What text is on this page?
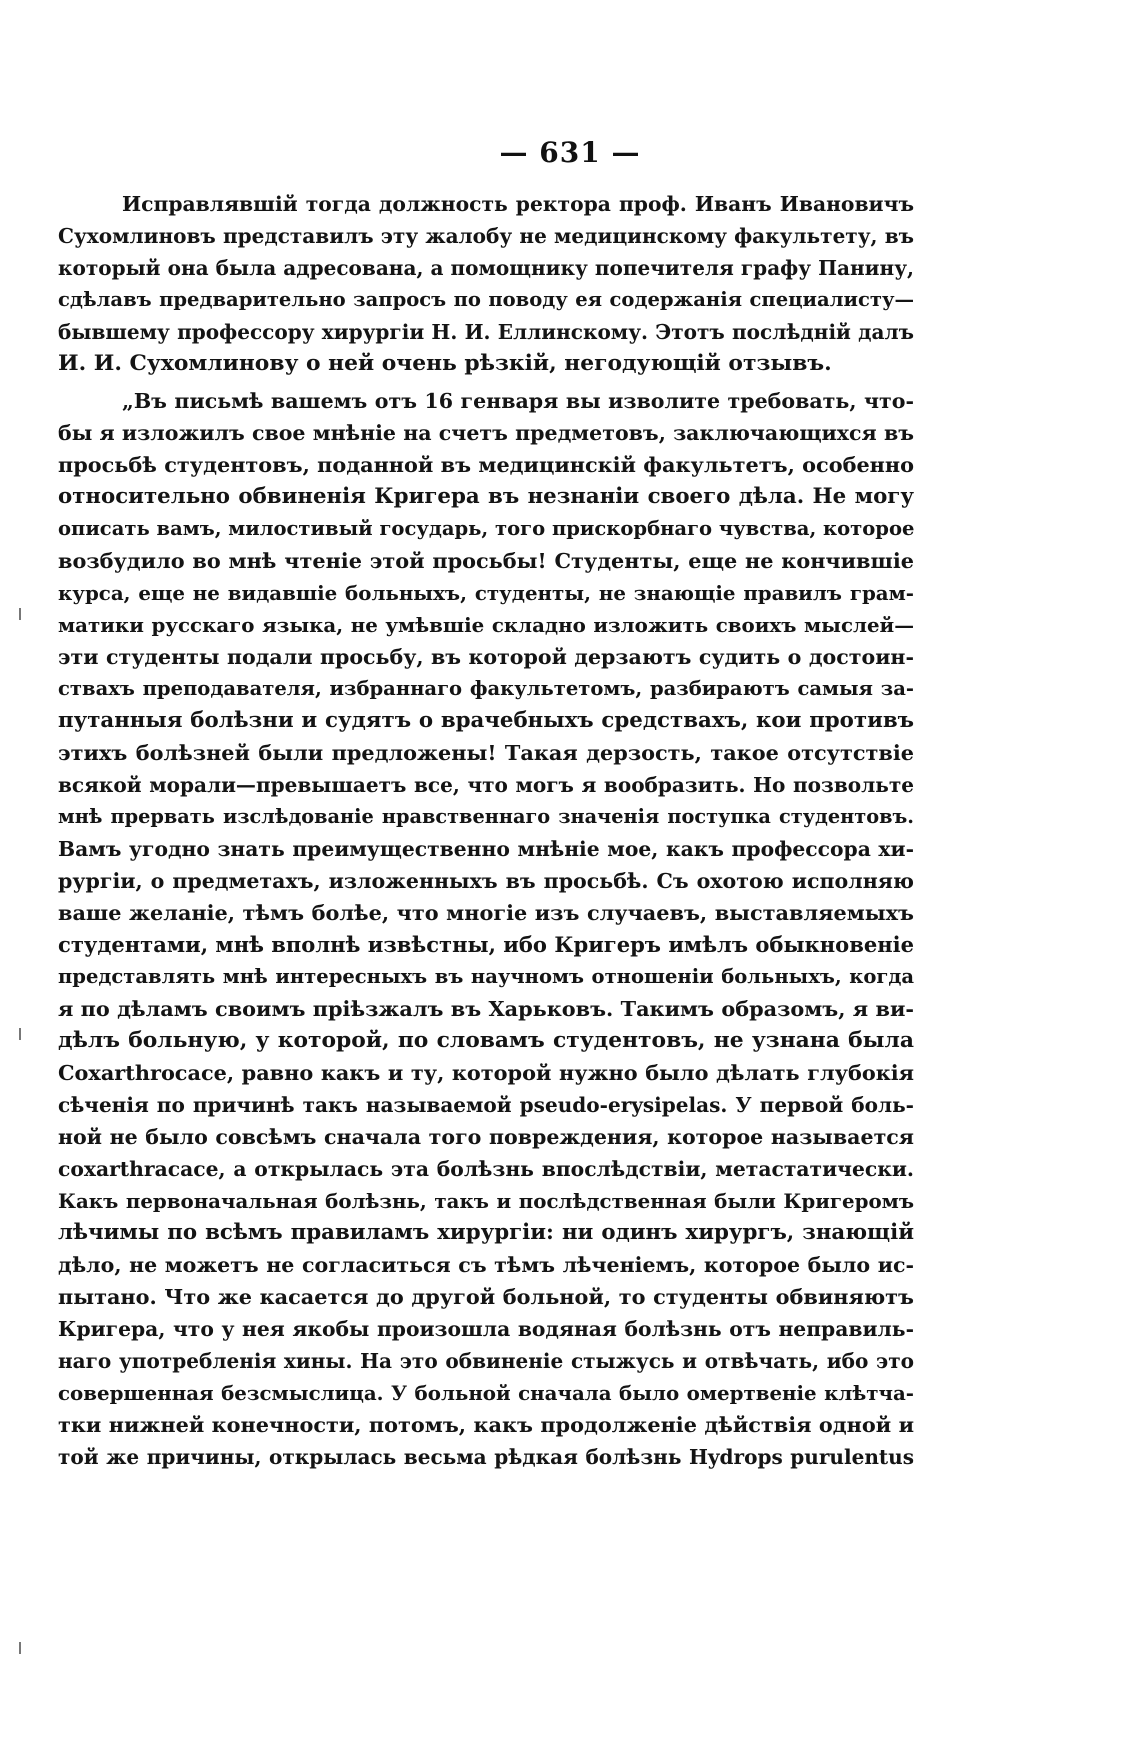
— 631 —
Исправлявшій тогда должность ректора проф. Иванъ Ивановичъ
Сухомлиновъ представилъ эту жалобу не медицинскому факультету, въ
который она была адресована, а помощнику попечителя графу Панину,
сдѣлавъ предварительно запросъ по поводу ея содержанія специалисту—
бывшему профессору хирургіи Н. И. Еллинскому. Этотъ послѣдній далъ
И. И. Сухомлинову о ней очень рѣзкій, негодующій отзывъ.
„Въ письмѣ вашемъ отъ 16 генваря вы изволите требовать, что-
бы я изложилъ свое мнѣніе на счетъ предметовъ, заключающихся въ
просьбѣ студентовъ, поданной въ медицинскій факультетъ, особенно
относительно обвиненія Кригера въ незнаніи своего дѣла. Не могу
описать вамъ, милостивый государь, того прискорбнаго чувства, которое
возбудило во мнѣ чтеніе этой просьбы! Студенты, еще не кончившіе
курса, еще не видавшіе больныхъ, студенты, не знающіе правилъ грам-
матики русскаго языка, не умѣвшіе складно изложить своихъ мыслей—
эти студенты подали просьбу, въ которой дерзаютъ судить о достоин-
ствахъ преподавателя, избраннаго факультетомъ, разбираютъ самыя за-
путанныя болѣзни и судятъ о врачебныхъ средствахъ, кои противъ
этихъ болѣзней были предложены! Такая дерзость, такое отсутствіе
всякой морали—превышаетъ все, что могъ я вообразить. Но позвольте
мнѣ прервать изслѣдованіе нравственнаго значенія поступка студентовъ.
Вамъ угодно знать преимущественно мнѣніе мое, какъ профессора хи-
рургіи, о предметахъ, изложенныхъ въ просьбѣ. Съ охотою исполняю
ваше желаніе, тѣмъ болѣе, что многіе изъ случаевъ, выставляемыхъ
студентами, мнѣ вполнѣ извѣстны, ибо Кригеръ имѣлъ обыкновеніе
представлять мнѣ интересныхъ въ научномъ отношеніи больныхъ, когда
я по дѣламъ своимъ пріѣзжалъ въ Харьковъ. Такимъ образомъ, я ви-
дѣлъ больную, у которой, по словамъ студентовъ, не узнана была
Coxarthrocace, равно какъ и ту, которой нужно было дѣлать глубокія
сѣченія по причинѣ такъ называемой pseudo-erysipelas. У первой боль-
ной не было совсѣмъ сначала того повреждения, которое называется
coxarthracace, а открылась эта болѣзнь впослѣдствіи, метастатически.
Какъ первоначальная болѣзнь, такъ и послѣдственная были Кригеромъ
лѣчимы по всѣмъ правиламъ хирургіи: ни одинъ хирургъ, знающій
дѣло, не можетъ не согласиться съ тѣмъ лѣченіемъ, которое было ис-
пытано. Что же касается до другой больной, то студенты обвиняютъ
Кригера, что у нея якобы произошла водяная болѣзнь отъ неправиль-
наго употребленія хины. На это обвиненіе стыжусь и отвѣчать, ибо это
совершенная безсмыслица. У больной сначала было омертвеніе клѣтча-
тки нижней конечности, потомъ, какъ продолженіе дѣйствія одной и
той же причины, открылась весьма рѣдкая болѣзнь Hydrops purulentus
